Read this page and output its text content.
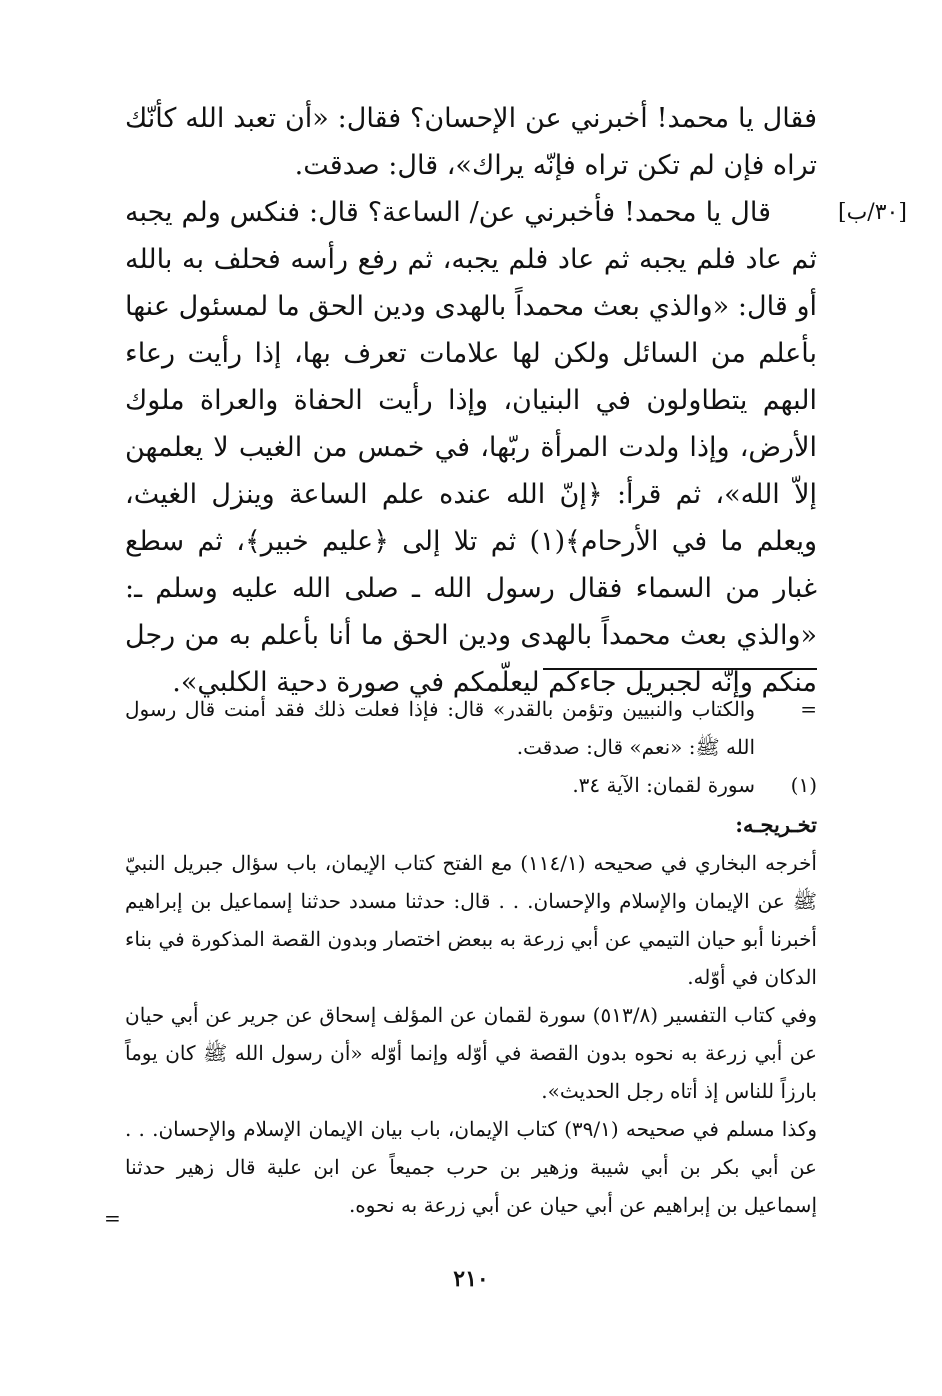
[٣٠/ب]

فقال يا محمد! أخبرني عن الإحسان؟ فقال: «أن تعبد الله كأنّك تراه فإن لم تكن تراه فإنّه يراك»، قال: صدقت.

قال يا محمد! فأخبرني عن/ الساعة؟ قال: فنكس ولم يجبه ثم عاد فلم يجبه ثم عاد فلم يجبه، ثم رفع رأسه فحلف به بالله أو قال: «والذي بعث محمداً بالهدى ودين الحق ما لمسئول عنها بأعلم من السائل ولكن لها علامات تعرف بها، إذا رأيت رعاء البهم يتطاولون في البنيان، وإذا رأيت الحفاة والعراة ملوك الأرض، وإذا ولدت المرأة ربّها، في خمس من الغيب لا يعلمهن إلاّ الله»، ثم قرأ: ﴿إنّ الله عنده علم الساعة وينزل الغيث، ويعلم ما في الأرحام﴾(١) ثم تلا إلى ﴿عليم خبير﴾، ثم سطع غبار من السماء فقال رسول الله ـ صلى الله عليه وسلم ـ: «والذي بعث محمداً بالهدى ودين الحق ما أنا بأعلم به من رجل منكم وإنّه لجبريل جاءكم ليعلّمكم في صورة دحية الكلبي».

=
والكتاب والنبيين وتؤمن بالقدر» قال: فإذا فعلت ذلك فقد أمنت قال رسول الله ﷺ: «نعم» قال: صدقت.
(١)
سورة لقمان: الآية ٣٤.
تخـريجـه:

أخرجه البخاري في صحيحه (١١٤/١) مع الفتح كتاب الإيمان، باب سؤال جبريل النبيّ ﷺ عن الإيمان والإسلام والإحسان. . . قال: حدثنا مسدد حدثنا إسماعيل بن إبراهيم أخبرنا أبو حيان التيمي عن أبي زرعة به ببعض اختصار وبدون القصة المذكورة في بناء الدكان في أوّله.

وفي كتاب التفسير (٥١٣/٨) سورة لقمان عن المؤلف إسحاق عن جرير عن أبي حيان عن أبي زرعة به نحوه بدون القصة في أوّله وإنما أوّله «أن رسول الله ﷺ كان يوماً بارزاً للناس إذ أتاه رجل الحديث».

وكذا مسلم في صحيحه (٣٩/١) كتاب الإيمان، باب بيان الإيمان الإسلام والإحسان. . . عن أبي بكر بن أبي شيبة وزهير بن حرب جميعاً عن ابن علية قال زهير حدثنا إسماعيل بن إبراهيم عن أبي حيان عن أبي زرعة به نحوه.

=
٢١٠
